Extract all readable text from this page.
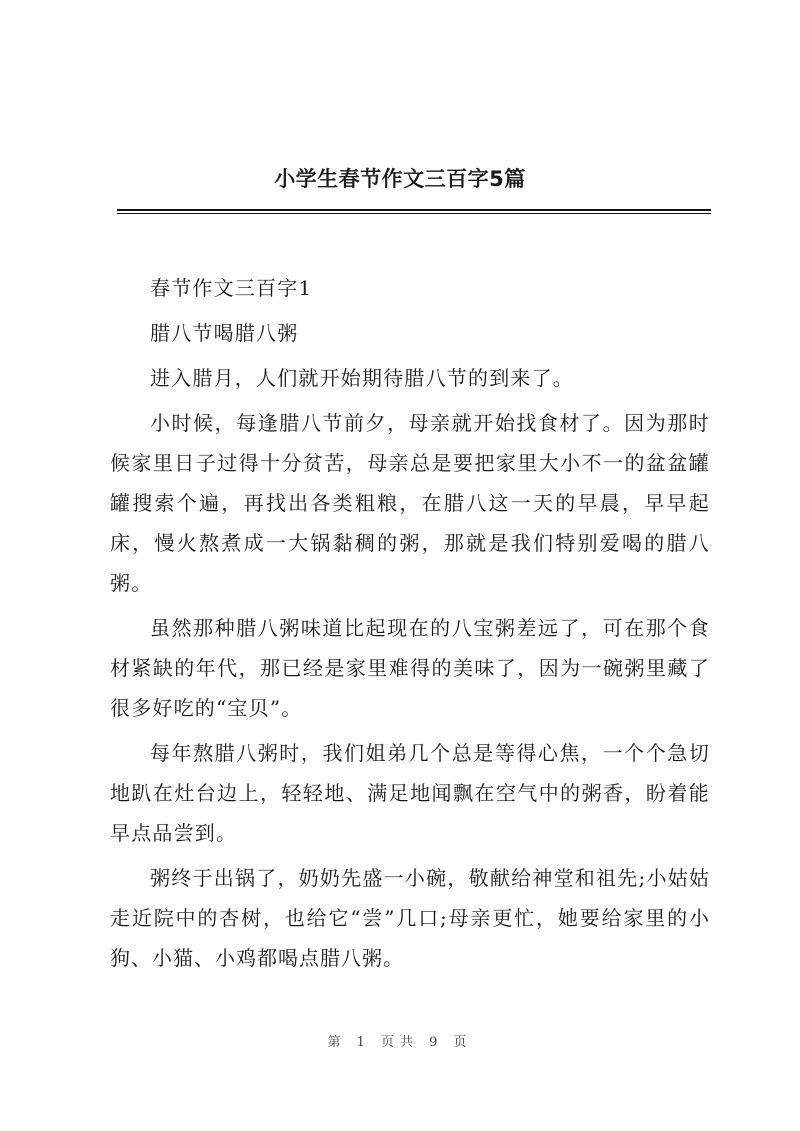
小学生春节作文三百字5篇

春节作文三百字1

腊八节喝腊八粥

进入腊月，人们就开始期待腊八节的到来了。

小时候，每逢腊八节前夕，母亲就开始找食材了。因为那时候家里日子过得十分贫苦，母亲总是要把家里大小不一的盆盆罐罐搜索个遍，再找出各类粗粮，在腊八这一天的早晨，早早起床，慢火熬煮成一大锅黏稠的粥，那就是我们特别爱喝的腊八粥。

虽然那种腊八粥味道比起现在的八宝粥差远了，可在那个食材紧缺的年代，那已经是家里难得的美味了，因为一碗粥里藏了很多好吃的“宝贝”。

每年熬腊八粥时，我们姐弟几个总是等得心焦，一个个急切地趴在灶台边上，轻轻地、满足地闻飘在空气中的粥香，盼着能早点品尝到。

粥终于出锅了，奶奶先盛一小碗，敬献给神堂和祖先;小姑姑走近院中的杏树，也给它“尝”几口;母亲更忙，她要给家里的小狗、小猫、小鸡都喝点腊八粥。

第 1 页共 9 页
